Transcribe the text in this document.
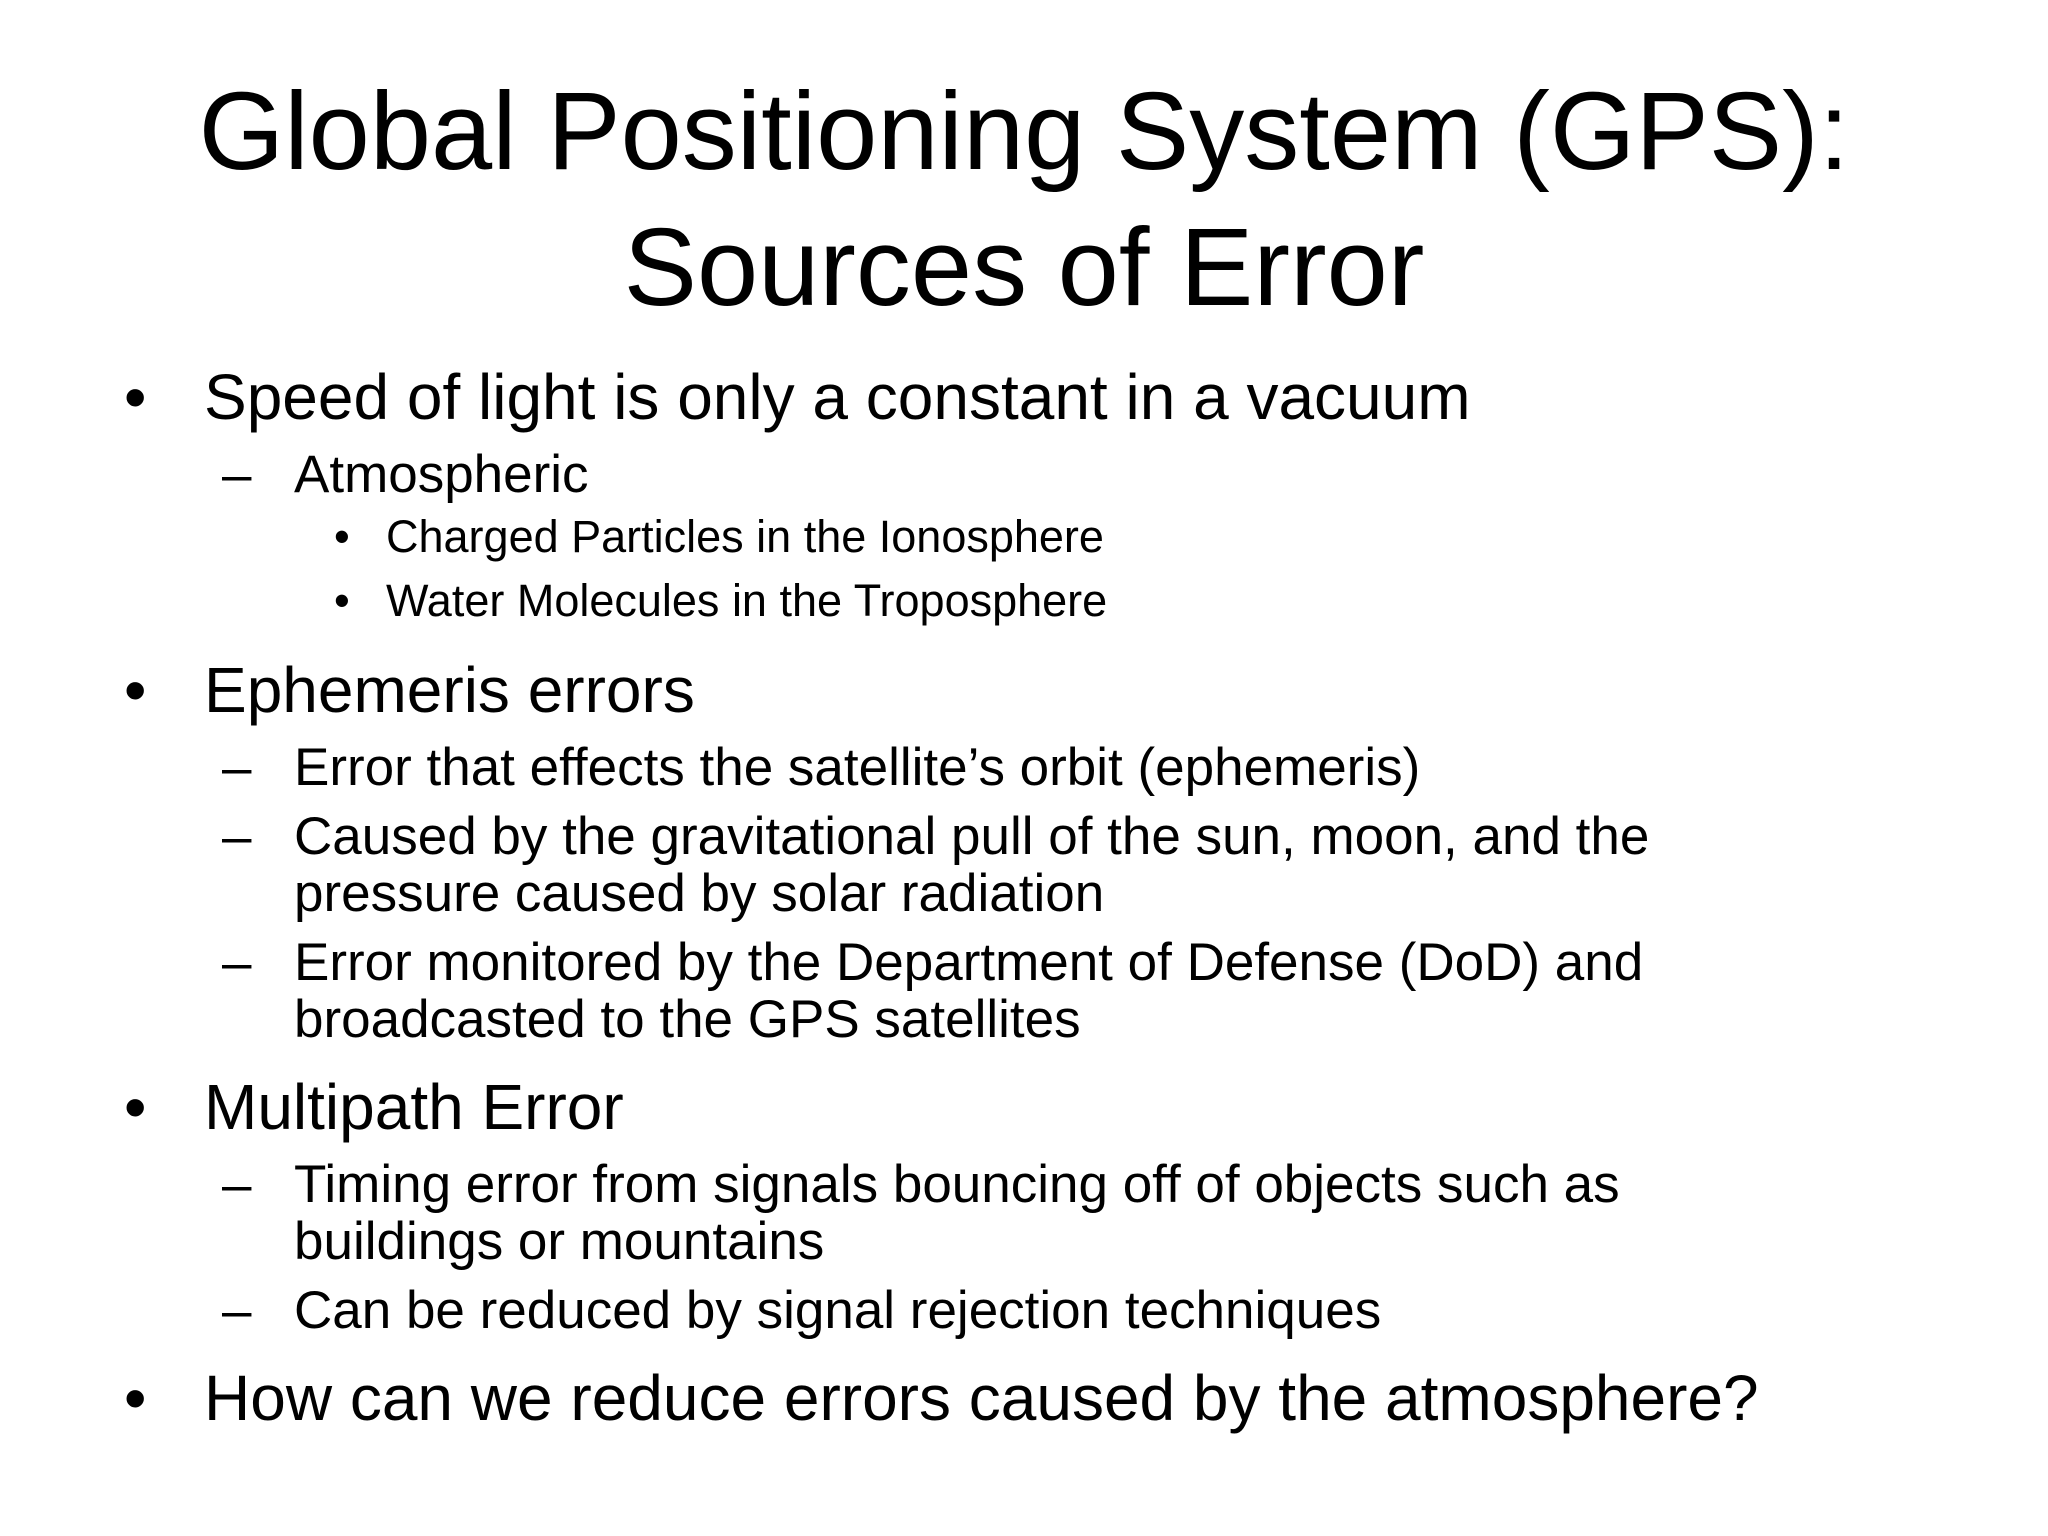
Global Positioning System (GPS):
Sources of Error
• Speed of light is only a constant in a vacuum
– Atmospheric
• Charged Particles in the Ionosphere
• Water Molecules in the Troposphere
• Ephemeris errors
– Error that effects the satellite’s orbit (ephemeris)
– Caused by the gravitational pull of the sun, moon, and the pressure caused by solar radiation
– Error monitored by the Department of Defense (DoD) and broadcasted to the GPS satellites
• Multipath Error
– Timing error from signals bouncing off of objects such as buildings or mountains
– Can be reduced by signal rejection techniques
• How can we reduce errors caused by the atmosphere?
